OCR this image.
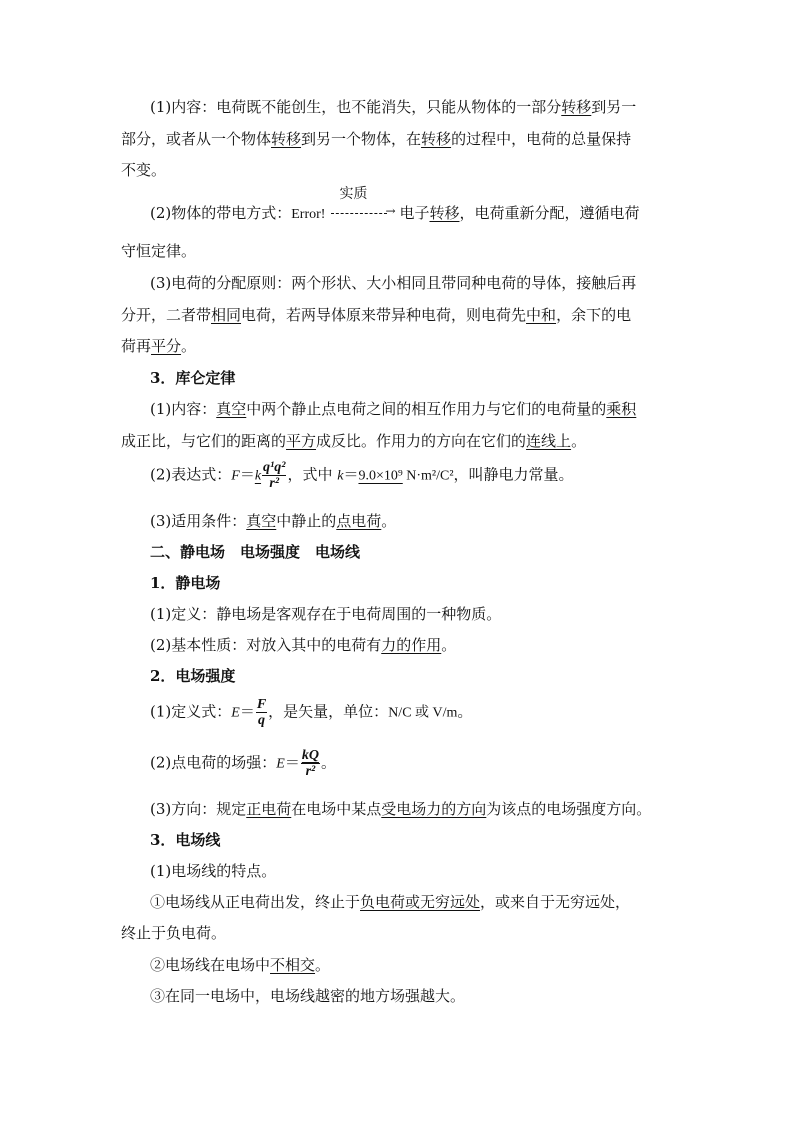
(1)内容：电荷既不能创生，也不能消失，只能从物体的一部分转移到另一
部分，或者从一个物体转移到另一个物体，在转移的过程中，电荷的总量保持
不变。
(2)物体的带电方式：Error!
实质
→ 电子转移，电荷重新分配，遵循电荷
守恒定律。
(3)电荷的分配原则：两个形状、大小相同且带同种电荷的导体，接触后再
分开，二者带相同电荷，若两导体原来带异种电荷，则电荷先中和，余下的电
荷再平分。
3．库仑定律
(1)内容：真空中两个静止点电荷之间的相互作用力与它们的电荷量的乘积
成正比，与它们的距离的平方成反比。作用力的方向在它们的连线上。
(2)表达式：$F=k \frac{\text{q¹q²}}{\text{r²}}$ ，式中 k＝9.0×10⁹ N·m²/C²，叫静电力常量。
(3)适用条件：真空中静止的点电荷。
二、静电场　电场强度　电场线
1．静电场
(1)定义：静电场是客观存在于电荷周围的一种物质。
(2)基本性质：对放入其中的电荷有力的作用。
2．电场强度
(1)定义式：$E= \frac{F}{q}$ ，是矢量，单位：N/C 或 V/m。
(2)点电荷的场强：$E= \frac{kQ}{\text{r²}}$ 。
(3)方向：规定正电荷在电场中某点受电场力的方向为该点的电场强度方向。
3．电场线
(1)电场线的特点。
①电场线从正电荷出发，终止于负电荷或无穷远处，或来自于无穷远处，
终止于负电荷。
②电场线在电场中不相交。
③在同一电场中，电场线越密的地方场强越大。
